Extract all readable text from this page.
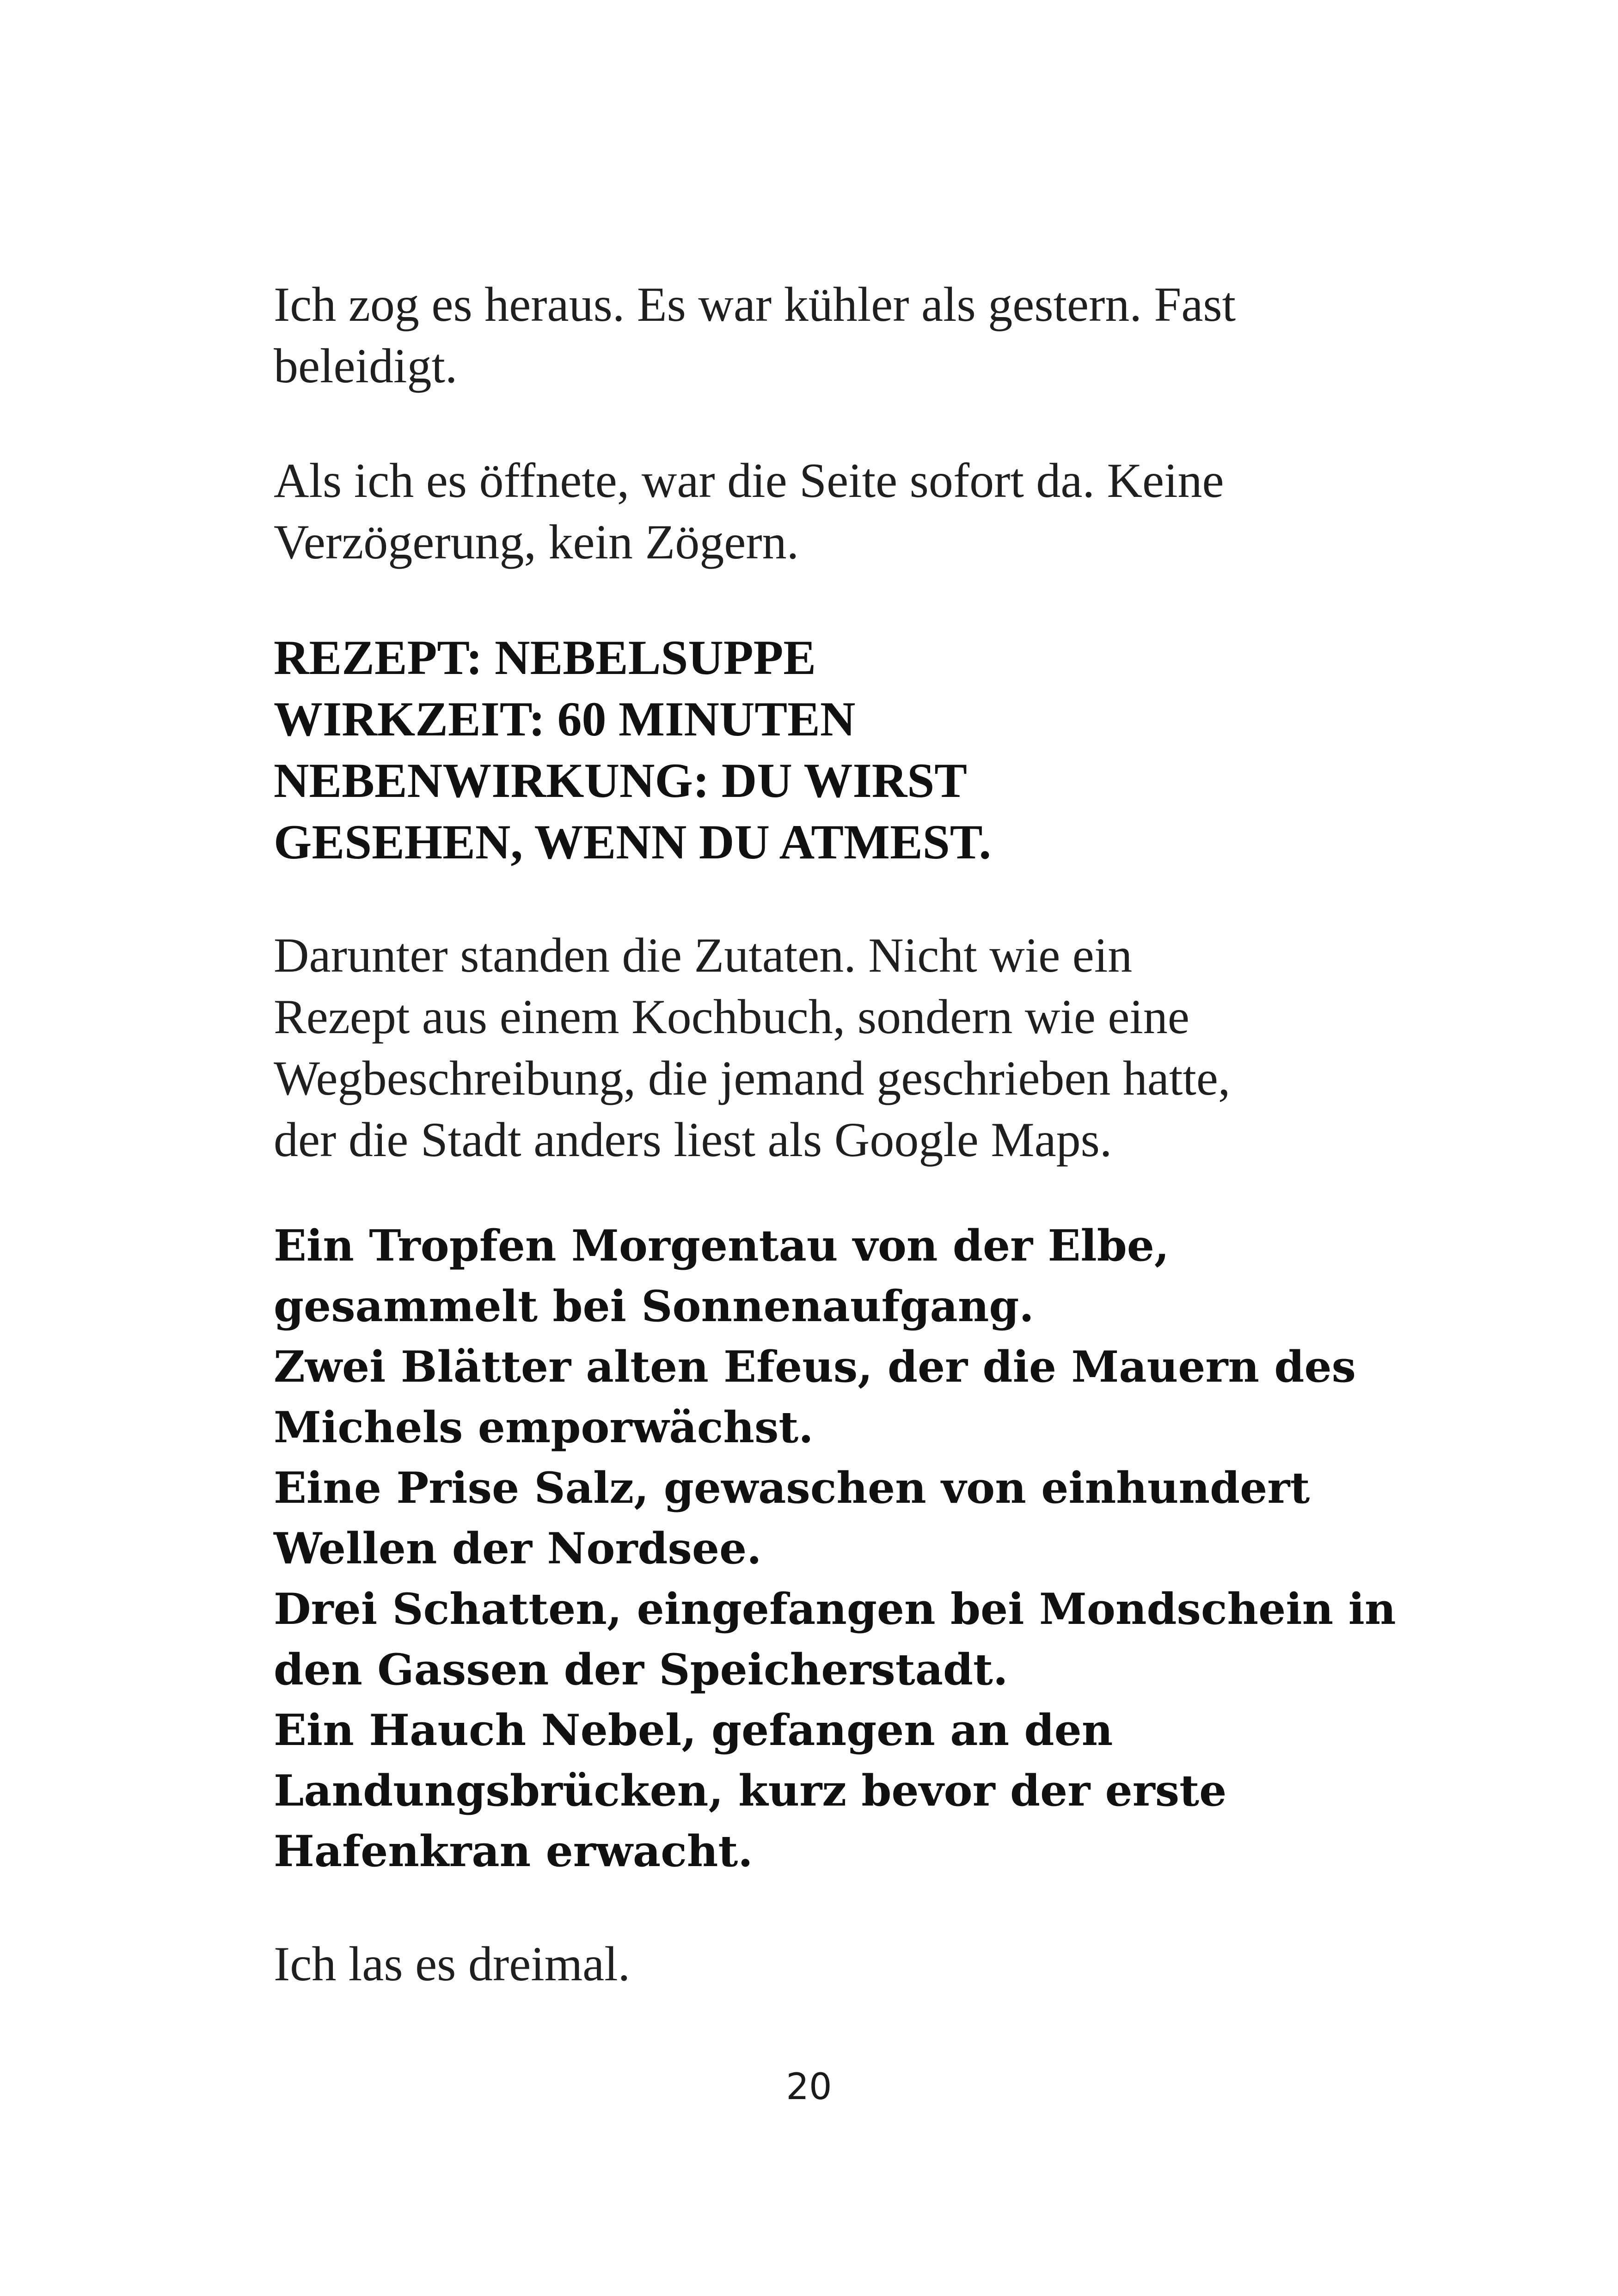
Ich zog es heraus. Es war kühler als gestern. Fast
beleidigt.

Als ich es öffnete, war die Seite sofort da. Keine
Verzögerung, kein Zögern.

REZEPT: NEBELSUPPE
WIRKZEIT: 60 MINUTEN
NEBENWIRKUNG: DU WIRST
GESEHEN, WENN DU ATMEST.

Darunter standen die Zutaten. Nicht wie ein
Rezept aus einem Kochbuch, sondern wie eine
Wegbeschreibung, die jemand geschrieben hatte,
der die Stadt anders liest als Google Maps.

Ein Tropfen Morgentau von der Elbe,
gesammelt bei Sonnenaufgang.
Zwei Blätter alten Efeus, der die Mauern des
Michels emporwächst.
Eine Prise Salz, gewaschen von einhundert
Wellen der Nordsee.
Drei Schatten, eingefangen bei Mondschein in
den Gassen der Speicherstadt.
Ein Hauch Nebel, gefangen an den
Landungsbrücken, kurz bevor der erste
Hafenkran erwacht.

Ich las es dreimal.

20
